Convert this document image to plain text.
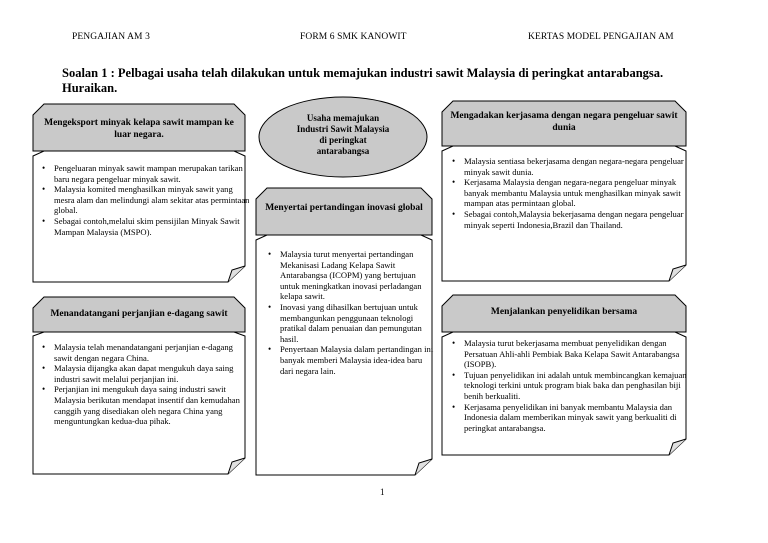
PENGAJIAN AM 3	FORM 6 SMK KANOWIT	KERTAS MODEL PENGAJIAN AM
Soalan 1 : Pelbagai usaha telah dilakukan untuk memajukan industri sawit Malaysia di peringkat antarabangsa. Huraikan.
Usaha memajukan Industri Sawit Malaysia di peringkat antarabangsa
Mengeksport minyak kelapa sawit mampan ke luar negara.
• Pengeluaran minyak sawit mampan merupakan tarikan baru negara pengeluar minyak sawit.
• Malaysia komited menghasilkan minyak sawit yang mesra alam dan melindungi alam sekitar atas permintaan global.
• Sebagai contoh,melalui skim pensijilan Minyak Sawit Mampan Malaysia (MSPO).
Mengadakan kerjasama dengan negara pengeluar sawit dunia
• Malaysia sentiasa bekerjasama dengan negara-negara pengeluar minyak sawit dunia.
• Kerjasama Malaysia dengan negara-negara pengeluar minyak banyak membantu Malaysia untuk menghasilkan minyak sawit mampan atas permintaan global.
• Sebagai contoh,Malaysia bekerjasama dengan negara pengeluar minyak seperti Indonesia,Brazil dan Thailand.
Menyertai pertandingan inovasi global
• Malaysia turut menyertai pertandingan Mekanisasi Ladang Kelapa Sawit Antarabangsa (ICOPM) yang bertujuan untuk meningkatkan inovasi perladangan kelapa sawit.
• Inovasi yang dihasilkan bertujuan untuk membangunkan penggunaan teknologi pratikal dalam penuaian dan pemungutan hasil.
• Penyertaan Malaysia dalam pertandingan ini banyak memberi Malaysia idea-idea baru dari negara lain.
Menandatangani perjanjian e-dagang sawit
• Malaysia telah menandatangani perjanjian e-dagang sawit dengan negara China.
• Malaysia dijangka akan dapat mengukuh daya saing industri sawit melalui perjanjian ini.
• Perjanjian ini mengukuh daya saing industri sawit Malaysia berikutan mendapat insentif dan kemudahan canggih yang disediakan oleh negara China yang menguntungkan kedua-dua pihak.
Menjalankan penyelidikan bersama
• Malaysia turut bekerjasama membuat penyelidikan dengan Persatuan Ahli-ahli Pembiak Baka Kelapa Sawit Antarabangsa (ISOPB).
• Tujuan penyelidikan ini adalah untuk membincangkan kemajuan teknologi terkini untuk program biak baka dan penghasilan biji benih berkualiti.
• Kerjasama penyelidikan ini banyak membantu Malaysia dan Indonesia dalam memberikan minyak sawit yang berkualiti di peringkat antarabangsa.
1
